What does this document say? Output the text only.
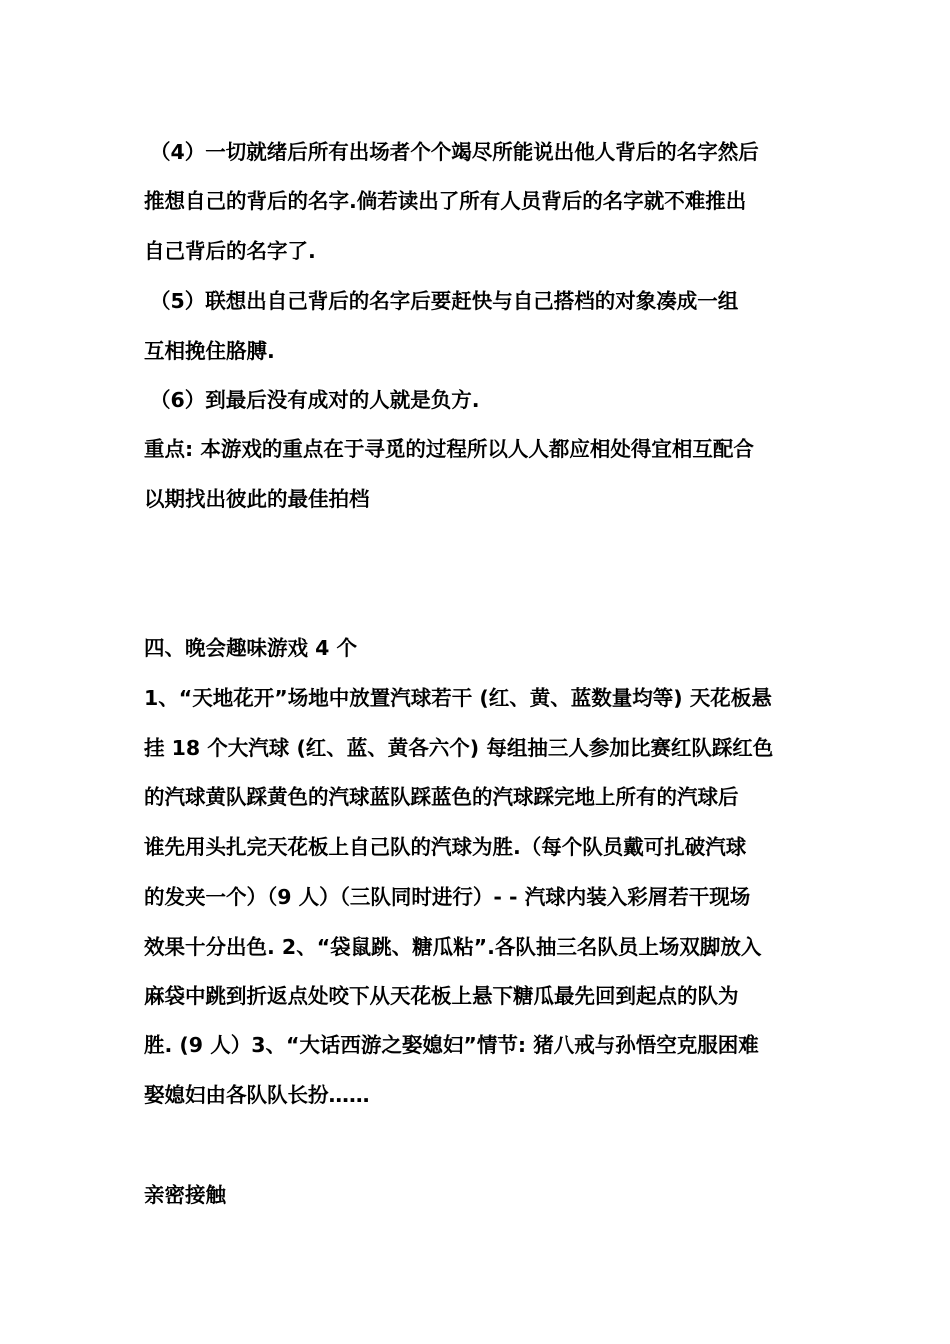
（4）一切就绪后所有出场者个个竭尽所能说出他人背后的名字然后
推想自己的背后的名字.倘若读出了所有人员背后的名字就不难推出
自己背后的名字了.
（5）联想出自己背后的名字后要赶快与自己搭档的对象凑成一组
互相挽住胳膊.
（6）到最后没有成对的人就是负方.
重点: 本游戏的重点在于寻觅的过程所以人人都应相处得宜相互配合
以期找出彼此的最佳拍档
四、晚会趣味游戏 4 个
1、“天地花开”场地中放置汽球若干 (红、黄、蓝数量均等) 天花板悬
挂 18 个大汽球 (红、蓝、黄各六个) 每组抽三人参加比赛红队踩红色
的汽球黄队踩黄色的汽球蓝队踩蓝色的汽球踩完地上所有的汽球后
谁先用头扎完天花板上自己队的汽球为胜.（每个队员戴可扎破汽球
的发夹一个）（9 人）（三队同时进行）- - 汽球内装入彩屑若干现场
效果十分出色. 2、“袋鼠跳、糖瓜粘”.各队抽三名队员上场双脚放入
麻袋中跳到折返点处咬下从天花板上悬下糖瓜最先回到起点的队为
胜. (9 人）3、“大话西游之娶媳妇”情节: 猪八戒与孙悟空克服困难
娶媳妇由各队队长扮……
亲密接触
